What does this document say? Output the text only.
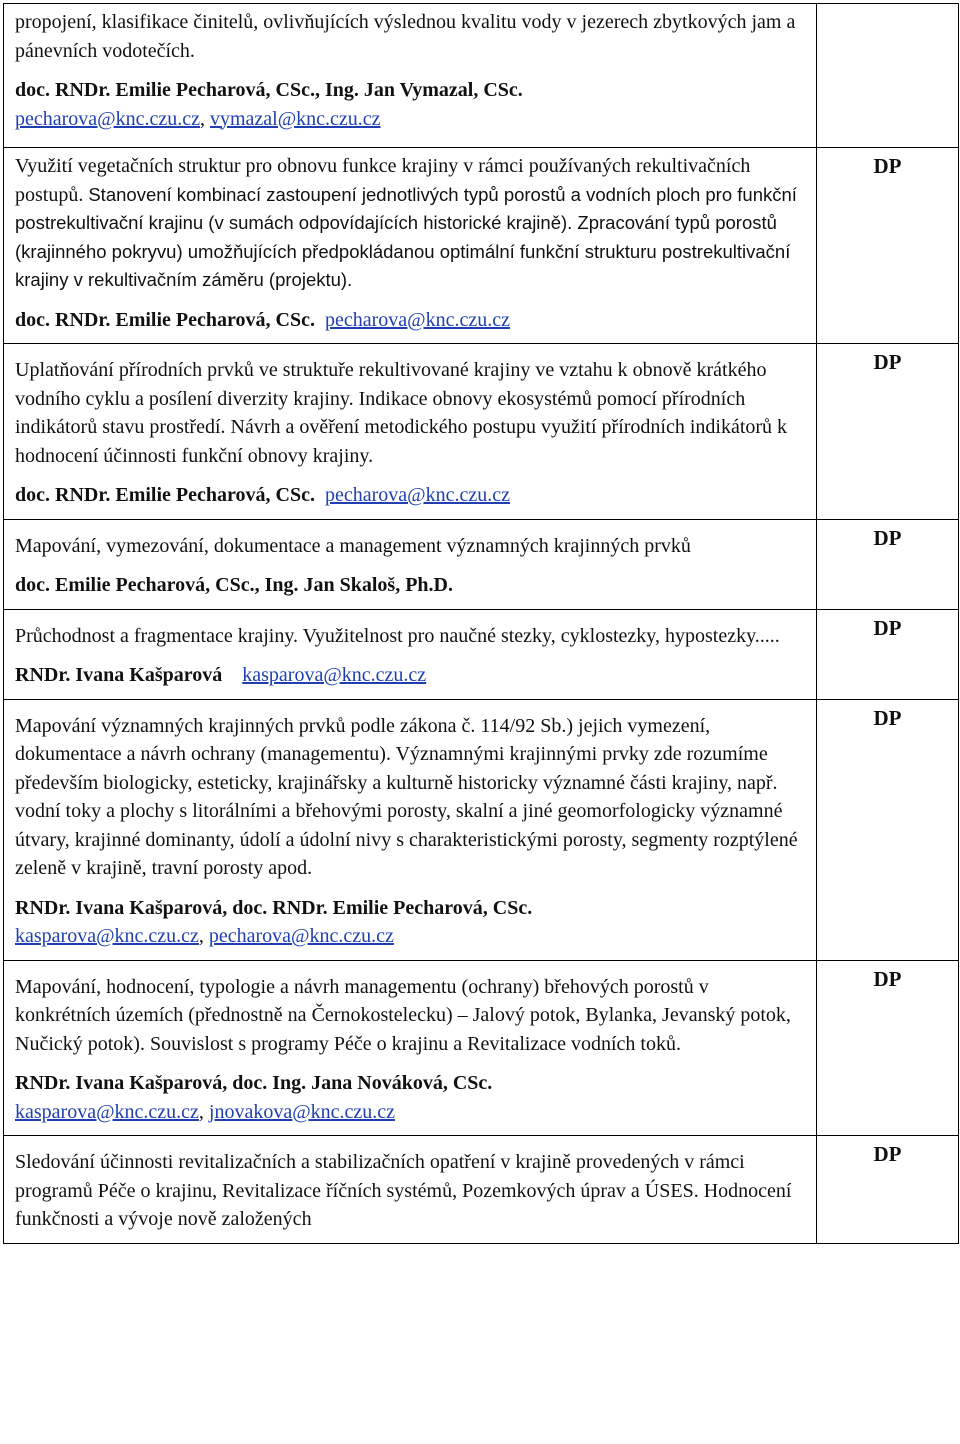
propojení, klasifikace činitelů, ovlivňujících výslednou kvalitu vody v jezerech zbytkových jam a pánevních vodotečích.

doc. RNDr. Emilie Pecharová, CSc., Ing. Jan Vymazal, CSc.

pecharova@knc.czu.cz, vymazal@knc.czu.cz	

Využití vegetačních struktur pro obnovu funkce krajiny v rámci používaných rekultivačních postupů. Stanovení kombinací zastoupení jednotlivých typů porostů a vodních ploch pro funkční postrekultivační krajinu (v sumách odpovídajících historické krajině). Zpracování typů porostů (krajinného pokryvu) umožňujících předpokládanou optimální funkční strukturu postrekultivační krajiny v rekultivačním záměru (projektu).

doc. RNDr. Emilie Pecharová, CSc. pecharova@knc.czu.cz	DP

Uplatňování přírodních prvků ve struktuře rekultivované krajiny ve vztahu k obnově krátkého vodního cyklu a posílení diverzity krajiny. Indikace obnovy ekosystémů pomocí přírodních indikátorů stavu prostředí. Návrh a ověření metodického postupu využití přírodních indikátorů k hodnocení účinnosti funkční obnovy krajiny.

doc. RNDr. Emilie Pecharová, CSc. pecharova@knc.czu.cz	DP

Mapování, vymezování, dokumentace a management významných krajinných prvků

doc. Emilie Pecharová, CSc., Ing. Jan Skaloš, Ph.D.	DP

Průchodnost a fragmentace krajiny. Využitelnost pro naučné stezky, cyklostezky, hypostezky.....

RNDr. Ivana Kašparová kasparova@knc.czu.cz	DP

Mapování významných krajinných prvků podle zákona č. 114/92 Sb.) jejich vymezení, dokumentace a návrh ochrany (managementu). Významnými krajinnými prvky zde rozumíme především biologicky, esteticky, krajinářsky a kulturně historicky významné části krajiny, např. vodní toky a plochy s litorálními a břehovými porosty, skalní a jiné geomorfologicky významné útvary, krajinné dominanty, údolí a údolní nivy s charakteristickými porosty, segmenty rozptýlené zeleně v krajině, travní porosty apod.

RNDr. Ivana Kašparová, doc. RNDr. Emilie Pecharová, CSc.

kasparova@knc.czu.cz, pecharova@knc.czu.cz	DP

Mapování, hodnocení, typologie a návrh managementu (ochrany) břehových porostů v konkrétních územích (přednostně na Černokostelecku) – Jalový potok, Bylanka, Jevanský potok, Nučický potok). Souvislost s programy Péče o krajinu a Revitalizace vodních toků.

RNDr. Ivana Kašparová, doc. Ing. Jana Nováková, CSc.

kasparova@knc.czu.cz, jnovakova@knc.czu.cz	DP

Sledování účinnosti revitalizačních a stabilizačních opatření v krajině provedených v rámci programů Péče o krajinu, Revitalizace říčních systémů, Pozemkových úprav a ÚSES. Hodnocení funkčnosti a vývoje nově založených	DP
